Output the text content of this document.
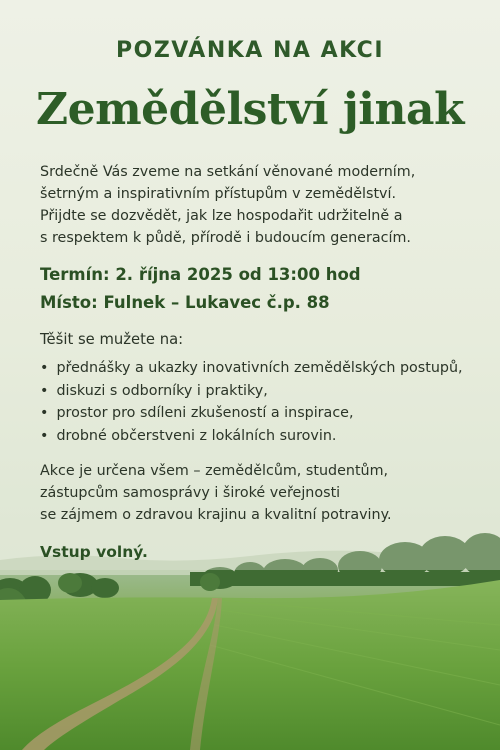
POZVÁNKA NA AKCI
Zemědělství jinak
Srdečně Vás zveme na setkání věnované moderním,
šetrným a inspirativním přístupům v zemědělství.
Přijdte se dozvědět, jak lze hospodařit udržitelně a
s respektem k půdě, přírodě i budoucím generacím.
Termín: 2. října 2025 od 13:00 hod
Místo: Fulnek – Lukavec č.p. 88
Těšit se mužete na:
• přednášky a ukazky inovativních zemědělských postupů,
• diskuzi s odborníky i praktiky,
• prostor pro sdíleni zkušeností a inspirace,
• drobné občerstveni z lokálních surovin.
Akce je určena všem – zemědělcům, studentům,
zástupcům samosprávy i široké veřejnosti
se zájmem o zdravou krajinu a kvalitní potraviny.
Vstup volný.
